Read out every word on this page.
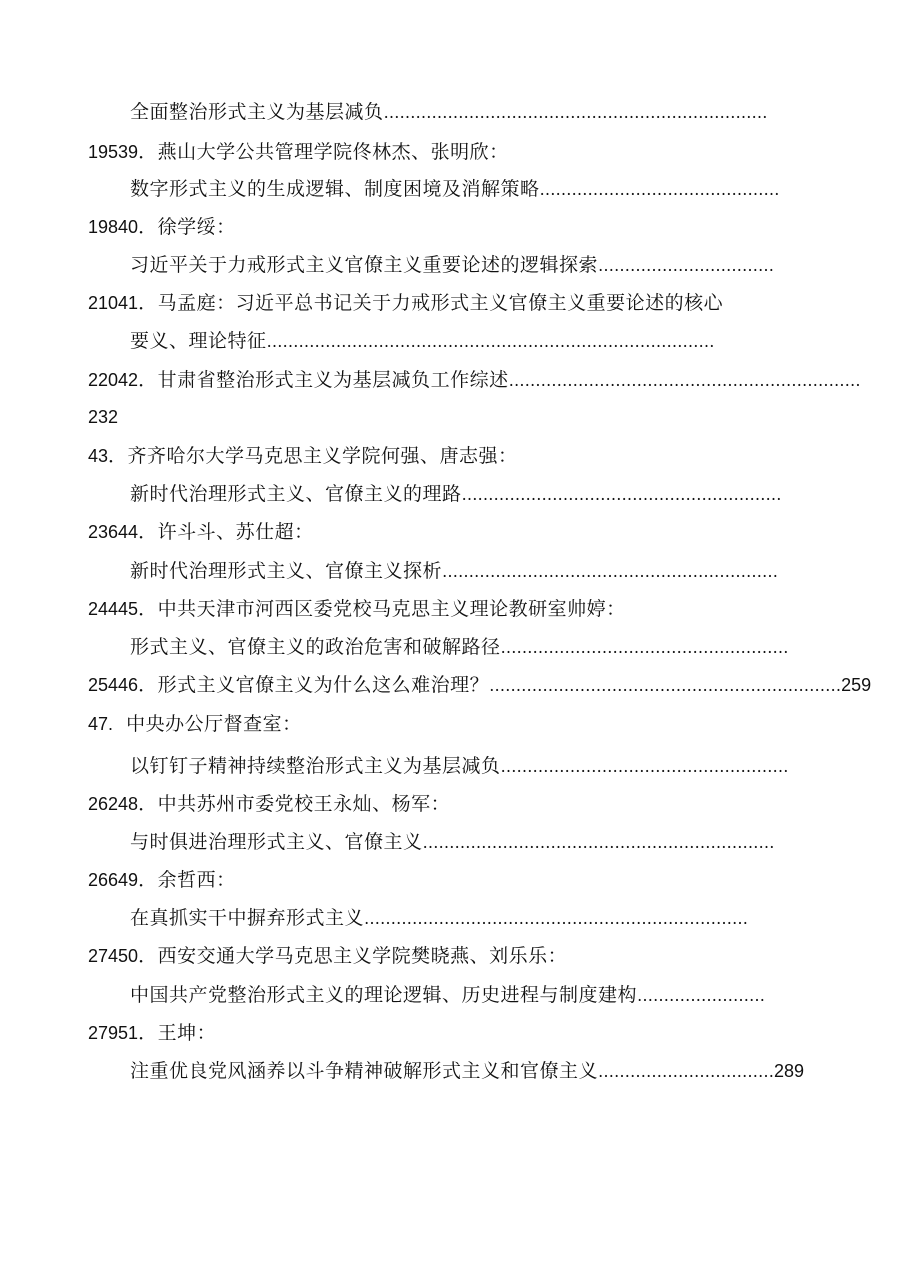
全面整治形式主义为基层减负………………………………………………………………
19539．燕山大学公共管理学院佟林杰、张明欣：
数字形式主义的生成逻辑、制度困境及消解策略………………………………………
19840．徐学绥：
习近平关于力戒形式主义官僚主义重要论述的逻辑探索……………………………
21041．马孟庭：习近平总书记关于力戒形式主义官僚主义重要论述的核心
要义、理论特征…………………………………………………………………………
22042．甘肃省整治形式主义为基层减负工作综述…………………………………………………………
232
43．齐齐哈尔大学马克思主义学院何强、唐志强：
新时代治理形式主义、官僚主义的理路……………………………………………………
23644．许斗斗、苏仕超：
新时代治理形式主义、官僚主义探析………………………………………………………
24445．中共天津市河西区委党校马克思主义理论教研室帅婷：
形式主义、官僚主义的政治危害和破解路径………………………………………………
25446．形式主义官僚主义为什么这么难治理？…………………………………………………………259
47.  中央办公厅督查室：
以钉钉子精神持续整治形式主义为基层减负………………………………………………
26248．中共苏州市委党校王永灿、杨军：
与时俱进治理形式主义、官僚主义…………………………………………………………
26649．余哲西：
在真抓实干中摒弃形式主义………………………………………………………………
27450．西安交通大学马克思主义学院樊晓燕、刘乐乐：
中国共产党整治形式主义的理论逻辑、历史进程与制度建构……………………
27951．王坤：
注重优良党风涵养以斗争精神破解形式主义和官僚主义……………………………289
